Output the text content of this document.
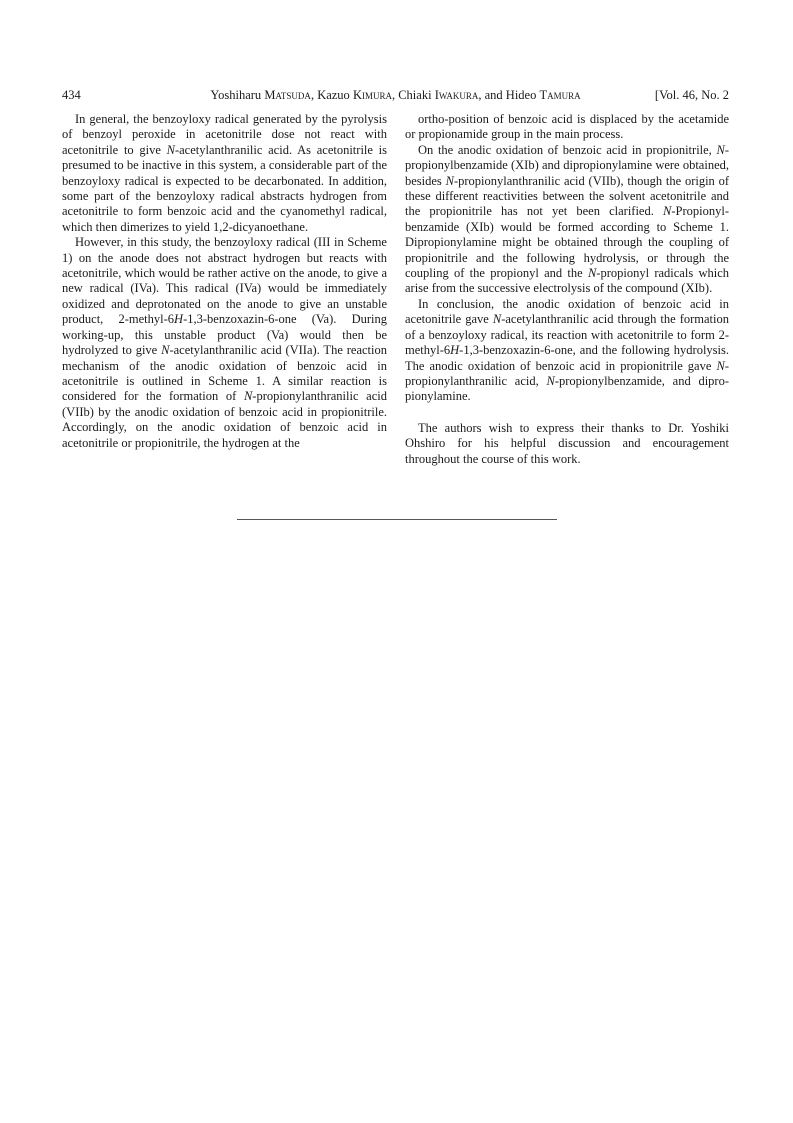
434	Yoshiharu Matsuda, Kazuo Kimura, Chiaki Iwakura, and Hideo Tamura	[Vol. 46, No. 2

In general, the benzoyloxy radical generated by the pyrolysis of benzoyl peroxide in acetonitrile dose not react with acetonitrile to give N-acetylanthranilic acid. As acetonitrile is presumed to be inactive in this system, a considerable part of the benzoyloxy radical is expected to be decarbonated. In addition, some part of the benzoyloxy radical abstracts hydrogen from acetonitrile to form benzoic acid and the cyanomethyl radical, which then dimerizes to yield 1,2-dicyanoethane.

However, in this study, the benzoyloxy radical (III in Scheme 1) on the anode does not abstract hydrogen but reacts with acetonitrile, which would be rather active on the anode, to give a new radical (IVa). This radical (IVa) would be immediately oxidized and deprotonated on the anode to give an unstable product, 2-methyl-6H-1,3-benzoxazin-6-one (Va). During working-up, this unstable product (Va) would then be hydrolyzed to give N-acetylanthranilic acid (VIIa). The reaction mechanism of the anodic oxidation of benzoic acid in acetonitrile is outlined in Scheme 1. A similar reaction is considered for the formation of N-propionylanthranilic acid (VIIb) by the anodic oxidation of benzoic acid in propionitrile. Accordingly, on the anodic oxidation of benzoic acid in acetonitrile or propionitrile, the hydrogen at the

ortho-position of benzoic acid is displaced by the acetamide or propionamide group in the main process.

On the anodic oxidation of benzoic acid in propionitrile, N-propionylbenzamide (XIb) and dipropionylamine were obtained, besides N-propionylanthranilic acid (VIIb), though the origin of these different reactivities between the solvent acetonitrile and the propionitrile has not yet been clarified. N-Propionylbenzamide (XIb) would be formed according to Scheme 1. Dipropionylamine might be obtained through the coupling of propionitrile and the following hydrolysis, or through the coupling of the propionyl and the N-propionyl radicals which arise from the successive electrolysis of the compound (XIb).

In conclusion, the anodic oxidation of benzoic acid in acetonitrile gave N-acetylanthranilic acid through the formation of a benzoyloxy radical, its reaction with acetonitrile to form 2-methyl-6H-1,3-benzoxazin-6-one, and the following hydrolysis. The anodic oxidation of benzoic acid in propionitrile gave N-propionylanthranilic acid, N-propionylbenzamide, and dipropionylamine.

The authors wish to express their thanks to Dr. Yoshiki Ohshiro for his helpful discussion and encouragement throughout the course of this work.
